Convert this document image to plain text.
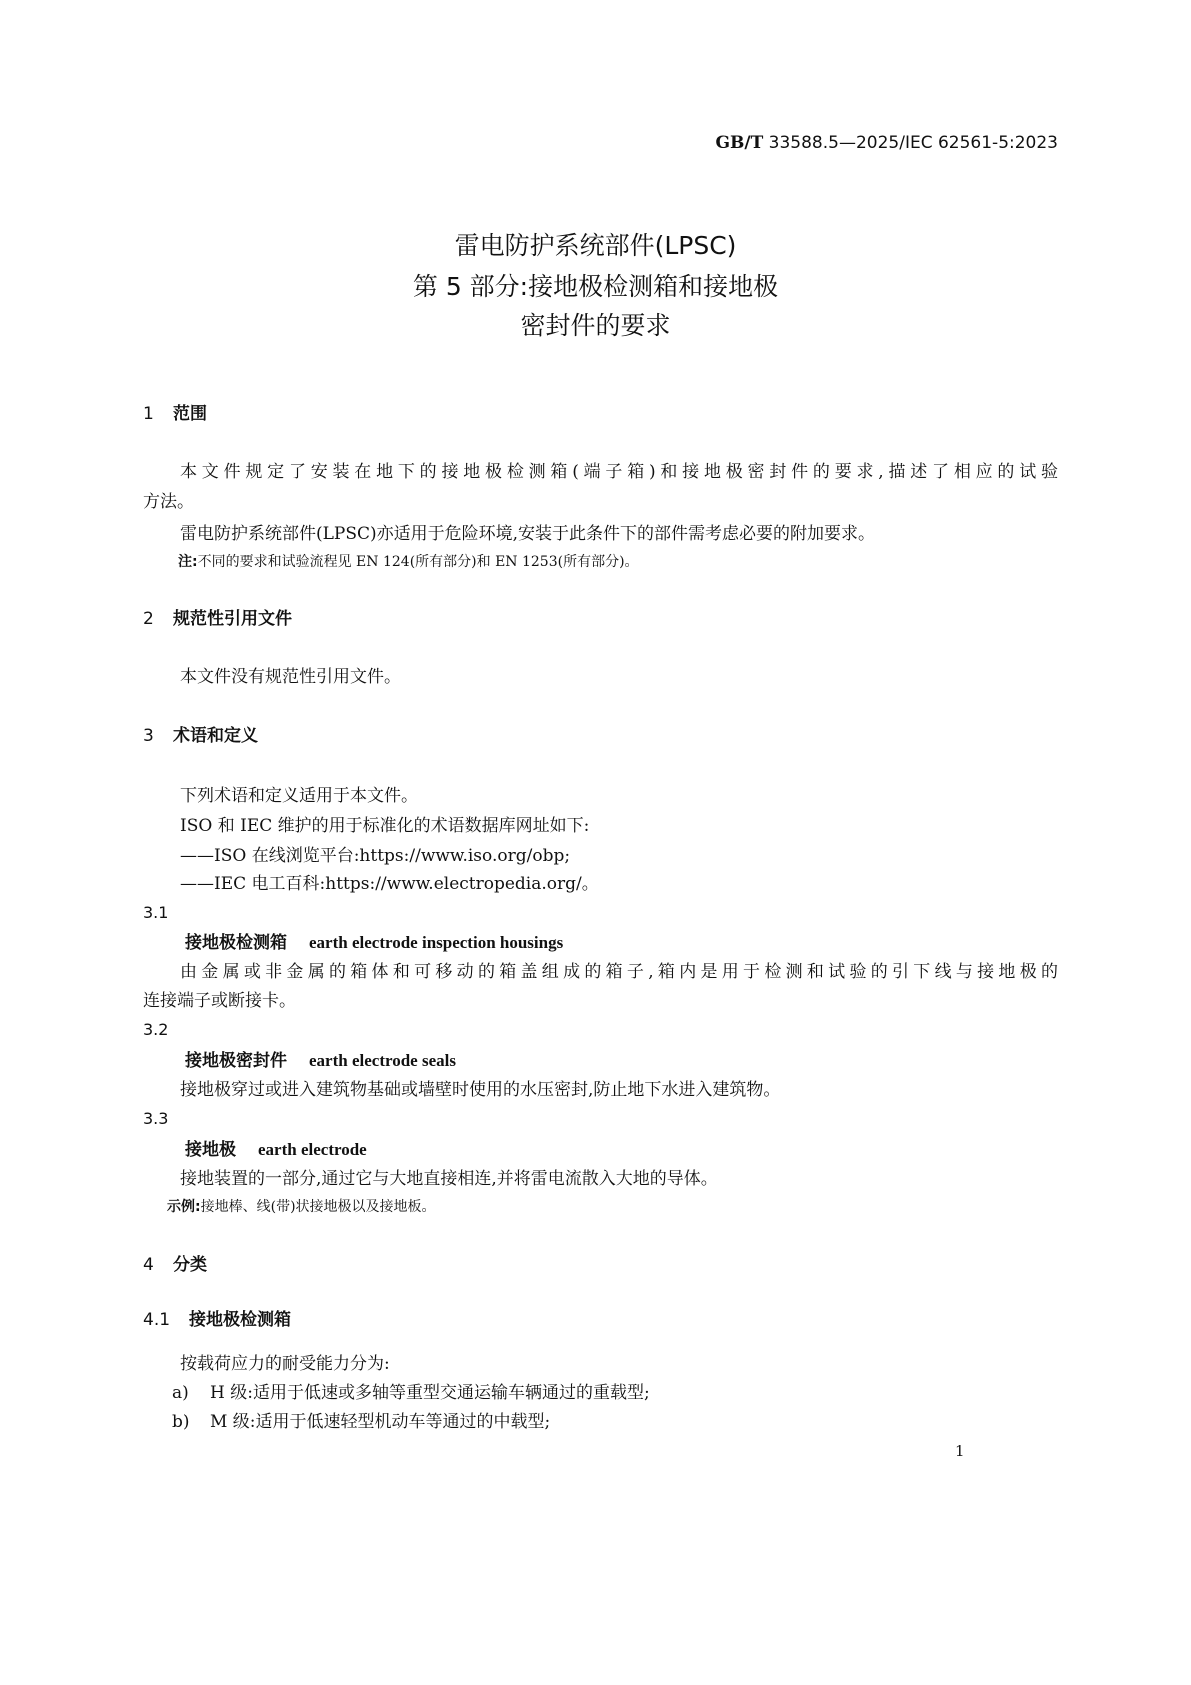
GB/T 33588.5—2025/IEC 62561-5:2023
雷电防护系统部件(LPSC)
第 5 部分:接地极检测箱和接地极
密封件的要求
1 范围
本文件规定了安装在地下的接地极检测箱(端子箱)和接地极密封件的要求,描述了相应的试验
方法。
雷电防护系统部件(LPSC)亦适用于危险环境,安装于此条件下的部件需考虑必要的附加要求。
注:不同的要求和试验流程见 EN 124(所有部分)和 EN 1253(所有部分)。
2 规范性引用文件
本文件没有规范性引用文件。
3 术语和定义
下列术语和定义适用于本文件。
ISO 和 IEC 维护的用于标准化的术语数据库网址如下:
——ISO 在线浏览平台:https://www.iso.org/obp;
——IEC 电工百科:https://www.electropedia.org/。
3.1
接地极检测箱 earth electrode inspection housings
由金属或非金属的箱体和可移动的箱盖组成的箱子,箱内是用于检测和试验的引下线与接地极的
连接端子或断接卡。
3.2
接地极密封件 earth electrode seals
接地极穿过或进入建筑物基础或墙壁时使用的水压密封,防止地下水进入建筑物。
3.3
接地极 earth electrode
接地装置的一部分,通过它与大地直接相连,并将雷电流散入大地的导体。
示例:接地棒、线(带)状接地极以及接地板。
4 分类
4.1 接地极检测箱
按载荷应力的耐受能力分为:
a) H 级:适用于低速或多轴等重型交通运输车辆通过的重载型;
b) M 级:适用于低速轻型机动车等通过的中载型;
1
